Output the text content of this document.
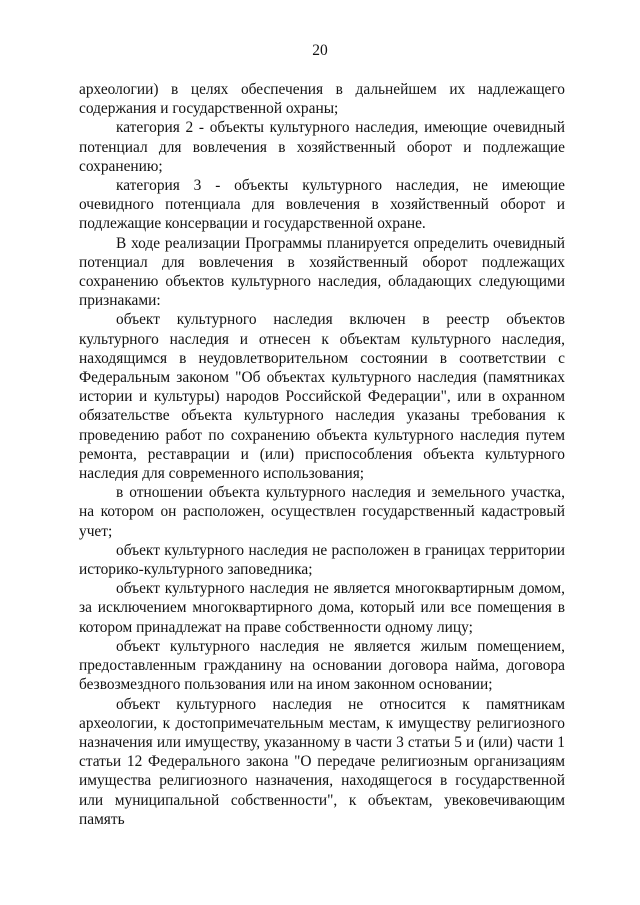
20

археологии) в целях обеспечения в дальнейшем их надлежащего содержания и государственной охраны;

категория 2 - объекты культурного наследия, имеющие очевидный потенциал для вовлечения в хозяйственный оборот и подлежащие сохранению;

категория 3 - объекты культурного наследия, не имеющие очевидного потенциала для вовлечения в хозяйственный оборот и подлежащие консервации и государственной охране.

В ходе реализации Программы планируется определить очевидный потенциал для вовлечения в хозяйственный оборот подлежащих сохранению объектов культурного наследия, обладающих следующими признаками:

объект культурного наследия включен в реестр объектов культурного наследия и отнесен к объектам культурного наследия, находящимся в неудовлетворительном состоянии в соответствии с Федеральным законом "Об объектах культурного наследия (памятниках истории и культуры) народов Российской Федерации", или в охранном обязательстве объекта культурного наследия указаны требования к проведению работ по сохранению объекта культурного наследия путем ремонта, реставрации и (или) приспособления объекта культурного наследия для современного использования;

в отношении объекта культурного наследия и земельного участка, на котором он расположен, осуществлен государственный кадастровый учет;

объект культурного наследия не расположен в границах территории историко-культурного заповедника;

объект культурного наследия не является многоквартирным домом, за исключением многоквартирного дома, который или все помещения в котором принадлежат на праве собственности одному лицу;

объект культурного наследия не является жилым помещением, предоставленным гражданину на основании договора найма, договора безвозмездного пользования или на ином законном основании;

объект культурного наследия не относится к памятникам археологии, к достопримечательным местам, к имуществу религиозного назначения или имуществу, указанному в части 3 статьи 5 и (или) части 1 статьи 12 Федерального закона "О передаче религиозным организациям имущества религиозного назначения, находящегося в государственной или муниципальной собственности", к объектам, увековечивающим память
